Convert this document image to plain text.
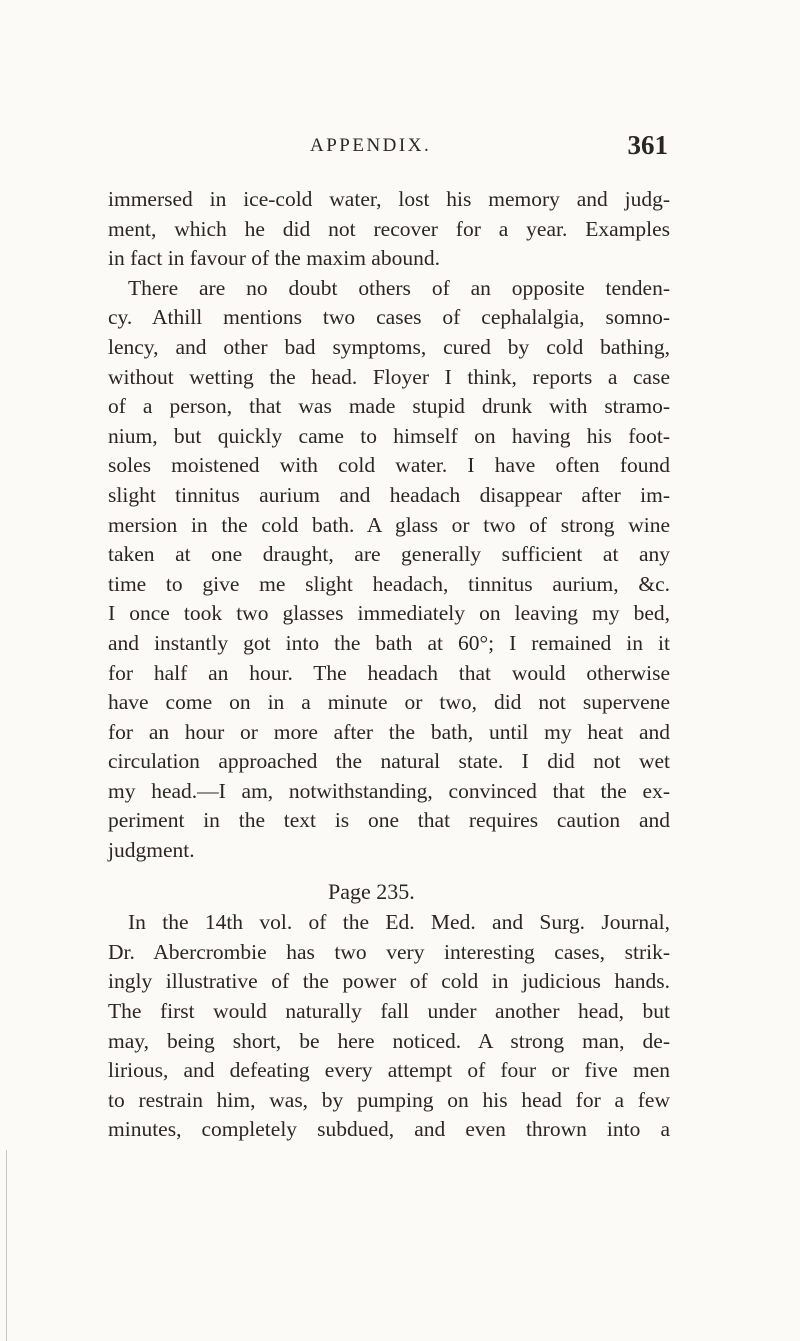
APPENDIX.	361
immersed in ice-cold water, lost his memory and judg-
ment, which he did not recover for a year. Examples
in fact in favour of the maxim abound.
There are no doubt others of an opposite tenden-
cy. Athill mentions two cases of cephalalgia, somno-
lency, and other bad symptoms, cured by cold bathing,
without wetting the head. Floyer I think, reports a case
of a person, that was made stupid drunk with stramo-
nium, but quickly came to himself on having his foot-
soles moistened with cold water. I have often found
slight tinnitus aurium and headach disappear after im-
mersion in the cold bath. A glass or two of strong wine
taken at one draught, are generally sufficient at any
time to give me slight headach, tinnitus aurium, &c.
I once took two glasses immediately on leaving my bed,
and instantly got into the bath at 60°; I remained in it
for half an hour. The headach that would otherwise
have come on in a minute or two, did not supervene
for an hour or more after the bath, until my heat and
circulation approached the natural state. I did not wet
my head.—I am, notwithstanding, convinced that the ex-
periment in the text is one that requires caution and
judgment.
Page 235.
In the 14th vol. of the Ed. Med. and Surg. Journal,
Dr. Abercrombie has two very interesting cases, strik-
ingly illustrative of the power of cold in judicious hands.
The first would naturally fall under another head, but
may, being short, be here noticed. A strong man, de-
lirious, and defeating every attempt of four or five men
to restrain him, was, by pumping on his head for a few
minutes, completely subdued, and even thrown into a
